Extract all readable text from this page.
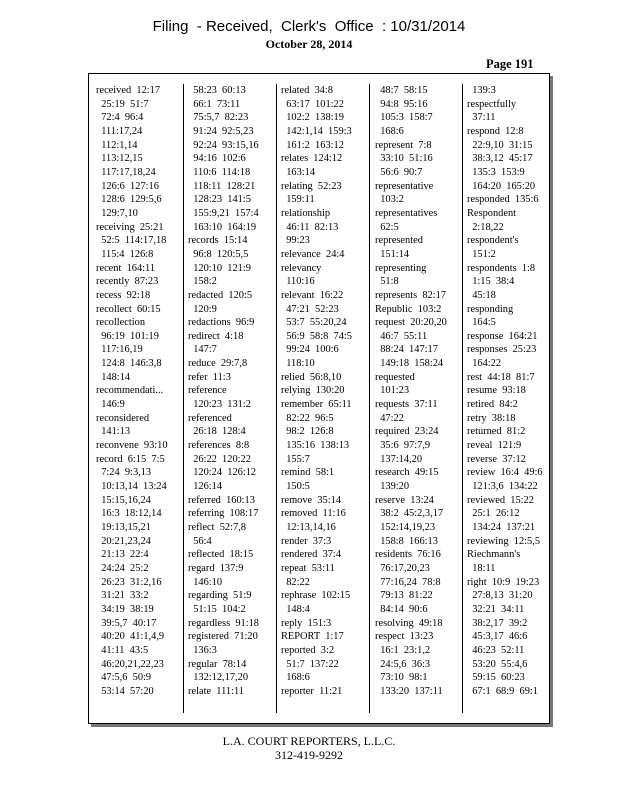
Filing  - Received,  Clerk's  Office  : 10/31/2014
October 28, 2014
Page 191
received  12:17
25:19  51:7
72:4  96:4
111:17,24
112:1,14
113:12,15
117:17,18,24
126:6  127:16
128:6  129:5,6
129:7,10
receiving  25:21
52:5  114:17,18
115:4  126:8
recent  164:11
recently  87:23
recess  92:18
recollect  60:15
recollection
96:19  101:19
117:16,19
124:8  146:3,8
148:14
recommendati...
146:9
reconsidered
141:13
reconvene  93:10
record  6:15  7:5
7:24  9:3,13
10:13,14  13:24
15:15,16,24
16:3  18:12,14
19:13,15,21
20:21,23,24
21:13  22:4
24:24  25:2
26:23  31:2,16
31:21  33:2
34:19  38:19
39:5,7  40:17
40:20  41:1,4,9
41:11  43:5
46:20,21,22,23
47:5,6  50:9
53:14  57:20
58:23  60:13
66:1  73:11
75:5,7  82:23
91:24  92:5,23
92:24  93:15,16
94:16  102:6
110:6  114:18
118:11  128:21
128:23  141:5
155:9,21  157:4
163:10  164:19
records  15:14
96:8  120:5,5
120:10  121:9
158:2
redacted  120:5
120:9
redactions  96:9
redirect  4:18
147:7
reduce  29:7,8
refer  11:3
reference
120:23  131:2
referenced
26:18  128:4
references  8:8
26:22  120:22
120:24  126:12
126:14
referred  160:13
referring  108:17
reflect  52:7,8
56:4
reflected  18:15
regard  137:9
146:10
regarding  51:9
51:15  104:2
regardless  91:18
registered  71:20
136:3
regular  78:14
132:12,17,20
relate  111:11
related  34:8
63:17  101:22
102:2  138:19
142:1,14  159:3
161:2  163:12
relates  124:12
163:14
relating  52:23
159:11
relationship
46:11  82:13
99:23
relevance  24:4
relevancy
110:16
relevant  16:22
47:21  52:23
53:7  55:20,24
56:9  58:8  74:5
99:24  100:6
118:10
relied  56:8,10
relying  130:20
remember  65:11
82:22  96:5
98:2  126:8
135:16  138:13
155:7
remind  58:1
150:5
remove  35:14
removed  11:16
12:13,14,16
render  37:3
rendered  37:4
repeat  53:11
82:22
rephrase  102:15
148:4
reply  151:3
REPORT  1:17
reported  3:2
51:7  137:22
168:6
reporter  11:21
48:7  58:15
94:8  95:16
105:3  158:7
168:6
represent  7:8
33:10  51:16
56:6  90:7
representative
103:2
representatives
62:5
represented
151:14
representing
51:8
represents  82:17
Republic  103:2
request  20:20,20
46:7  55:11
88:24  147:17
149:18  158:24
requested
101:23
requests  37:11
47:22
required  23:24
35:6  97:7,9
137:14,20
research  49:15
139:20
reserve  13:24
38:2  45:2,3,17
152:14,19,23
158:8  166:13
residents  76:16
76:17,20,23
77:16,24  78:8
79:13  81:22
84:14  90:6
resolving  49:18
respect  13:23
16:1  23:1,2
24:5,6  36:3
73:10  98:1
133:20  137:11
139:3
respectfully
37:11
respond  12:8
22:9,10  31:15
38:3,12  45:17
135:3  153:9
164:20  165:20
responded  135:6
Respondent
2:18,22
respondent's
151:2
respondents  1:8
1:15  38:4
45:18
responding
164:5
response  164:21
responses  25:23
164:22
rest  44:18  81:7
resume  93:18
retired  84:2
retry  38:18
returned  81:2
reveal  121:9
reverse  37:12
review  16:4  49:6
121:3,6  134:22
reviewed  15:22
25:1  26:12
134:24  137:21
reviewing  12:5,5
Riechmann's
18:11
right  10:9  19:23
27:8,13  31:20
32:21  34:11
38:2,17  39:2
45:3,17  46:6
46:23  52:11
53:20  55:4,6
59:15  60:23
67:1  68:9  69:1
L.A. COURT REPORTERS, L.L.C.
312-419-9292
